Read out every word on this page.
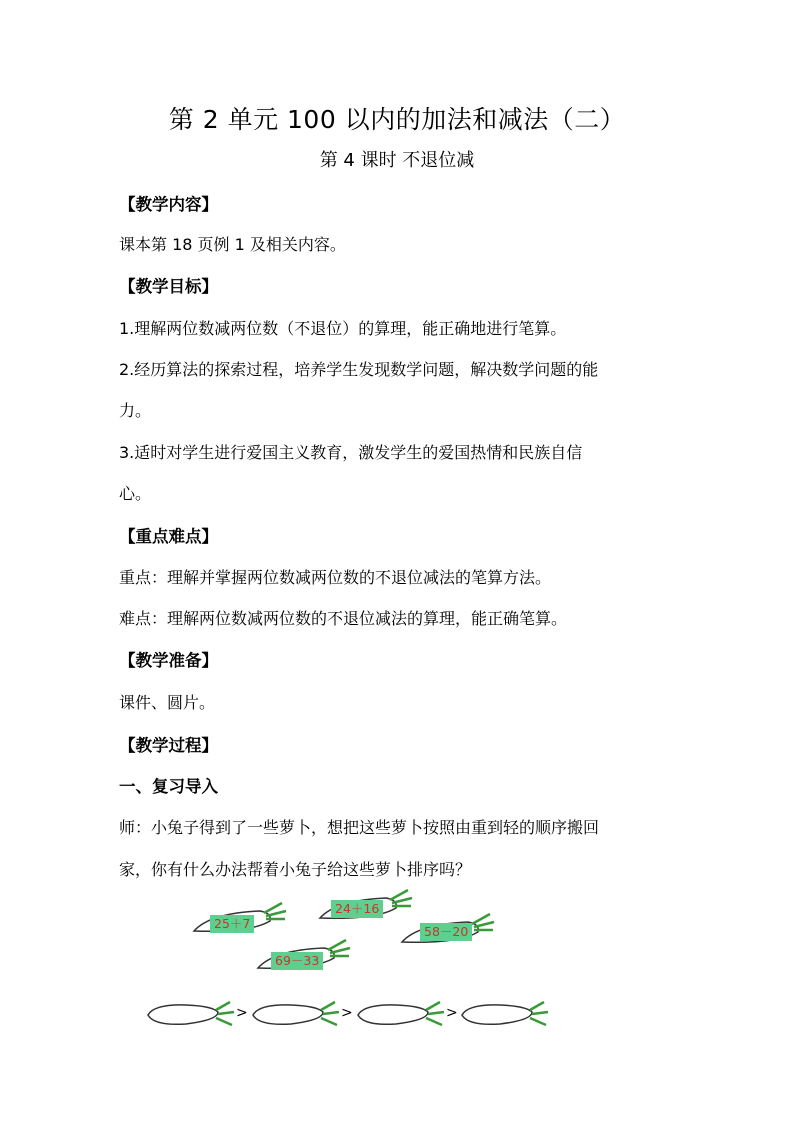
第 2 单元 100 以内的加法和减法（二）
第 4 课时 不退位减
【教学内容】
课本第 18 页例 1 及相关内容。
【教学目标】
1.理解两位数减两位数（不退位）的算理，能正确地进行笔算。
2.经历算法的探索过程，培养学生发现数学问题，解决数学问题的能
力。
3.适时对学生进行爱国主义教育，激发学生的爱国热情和民族自信
心。
【重点难点】
重点：理解并掌握两位数减两位数的不退位减法的笔算方法。
难点：理解两位数减两位数的不退位减法的算理，能正确笔算。
【教学准备】
课件、圆片。
【教学过程】
一、复习导入
师：小兔子得到了一些萝卜，想把这些萝卜按照由重到轻的顺序搬回
家，你有什么办法帮着小兔子给这些萝卜排序吗？
25＋7
24＋16
58－20
69－33
>	>	>
